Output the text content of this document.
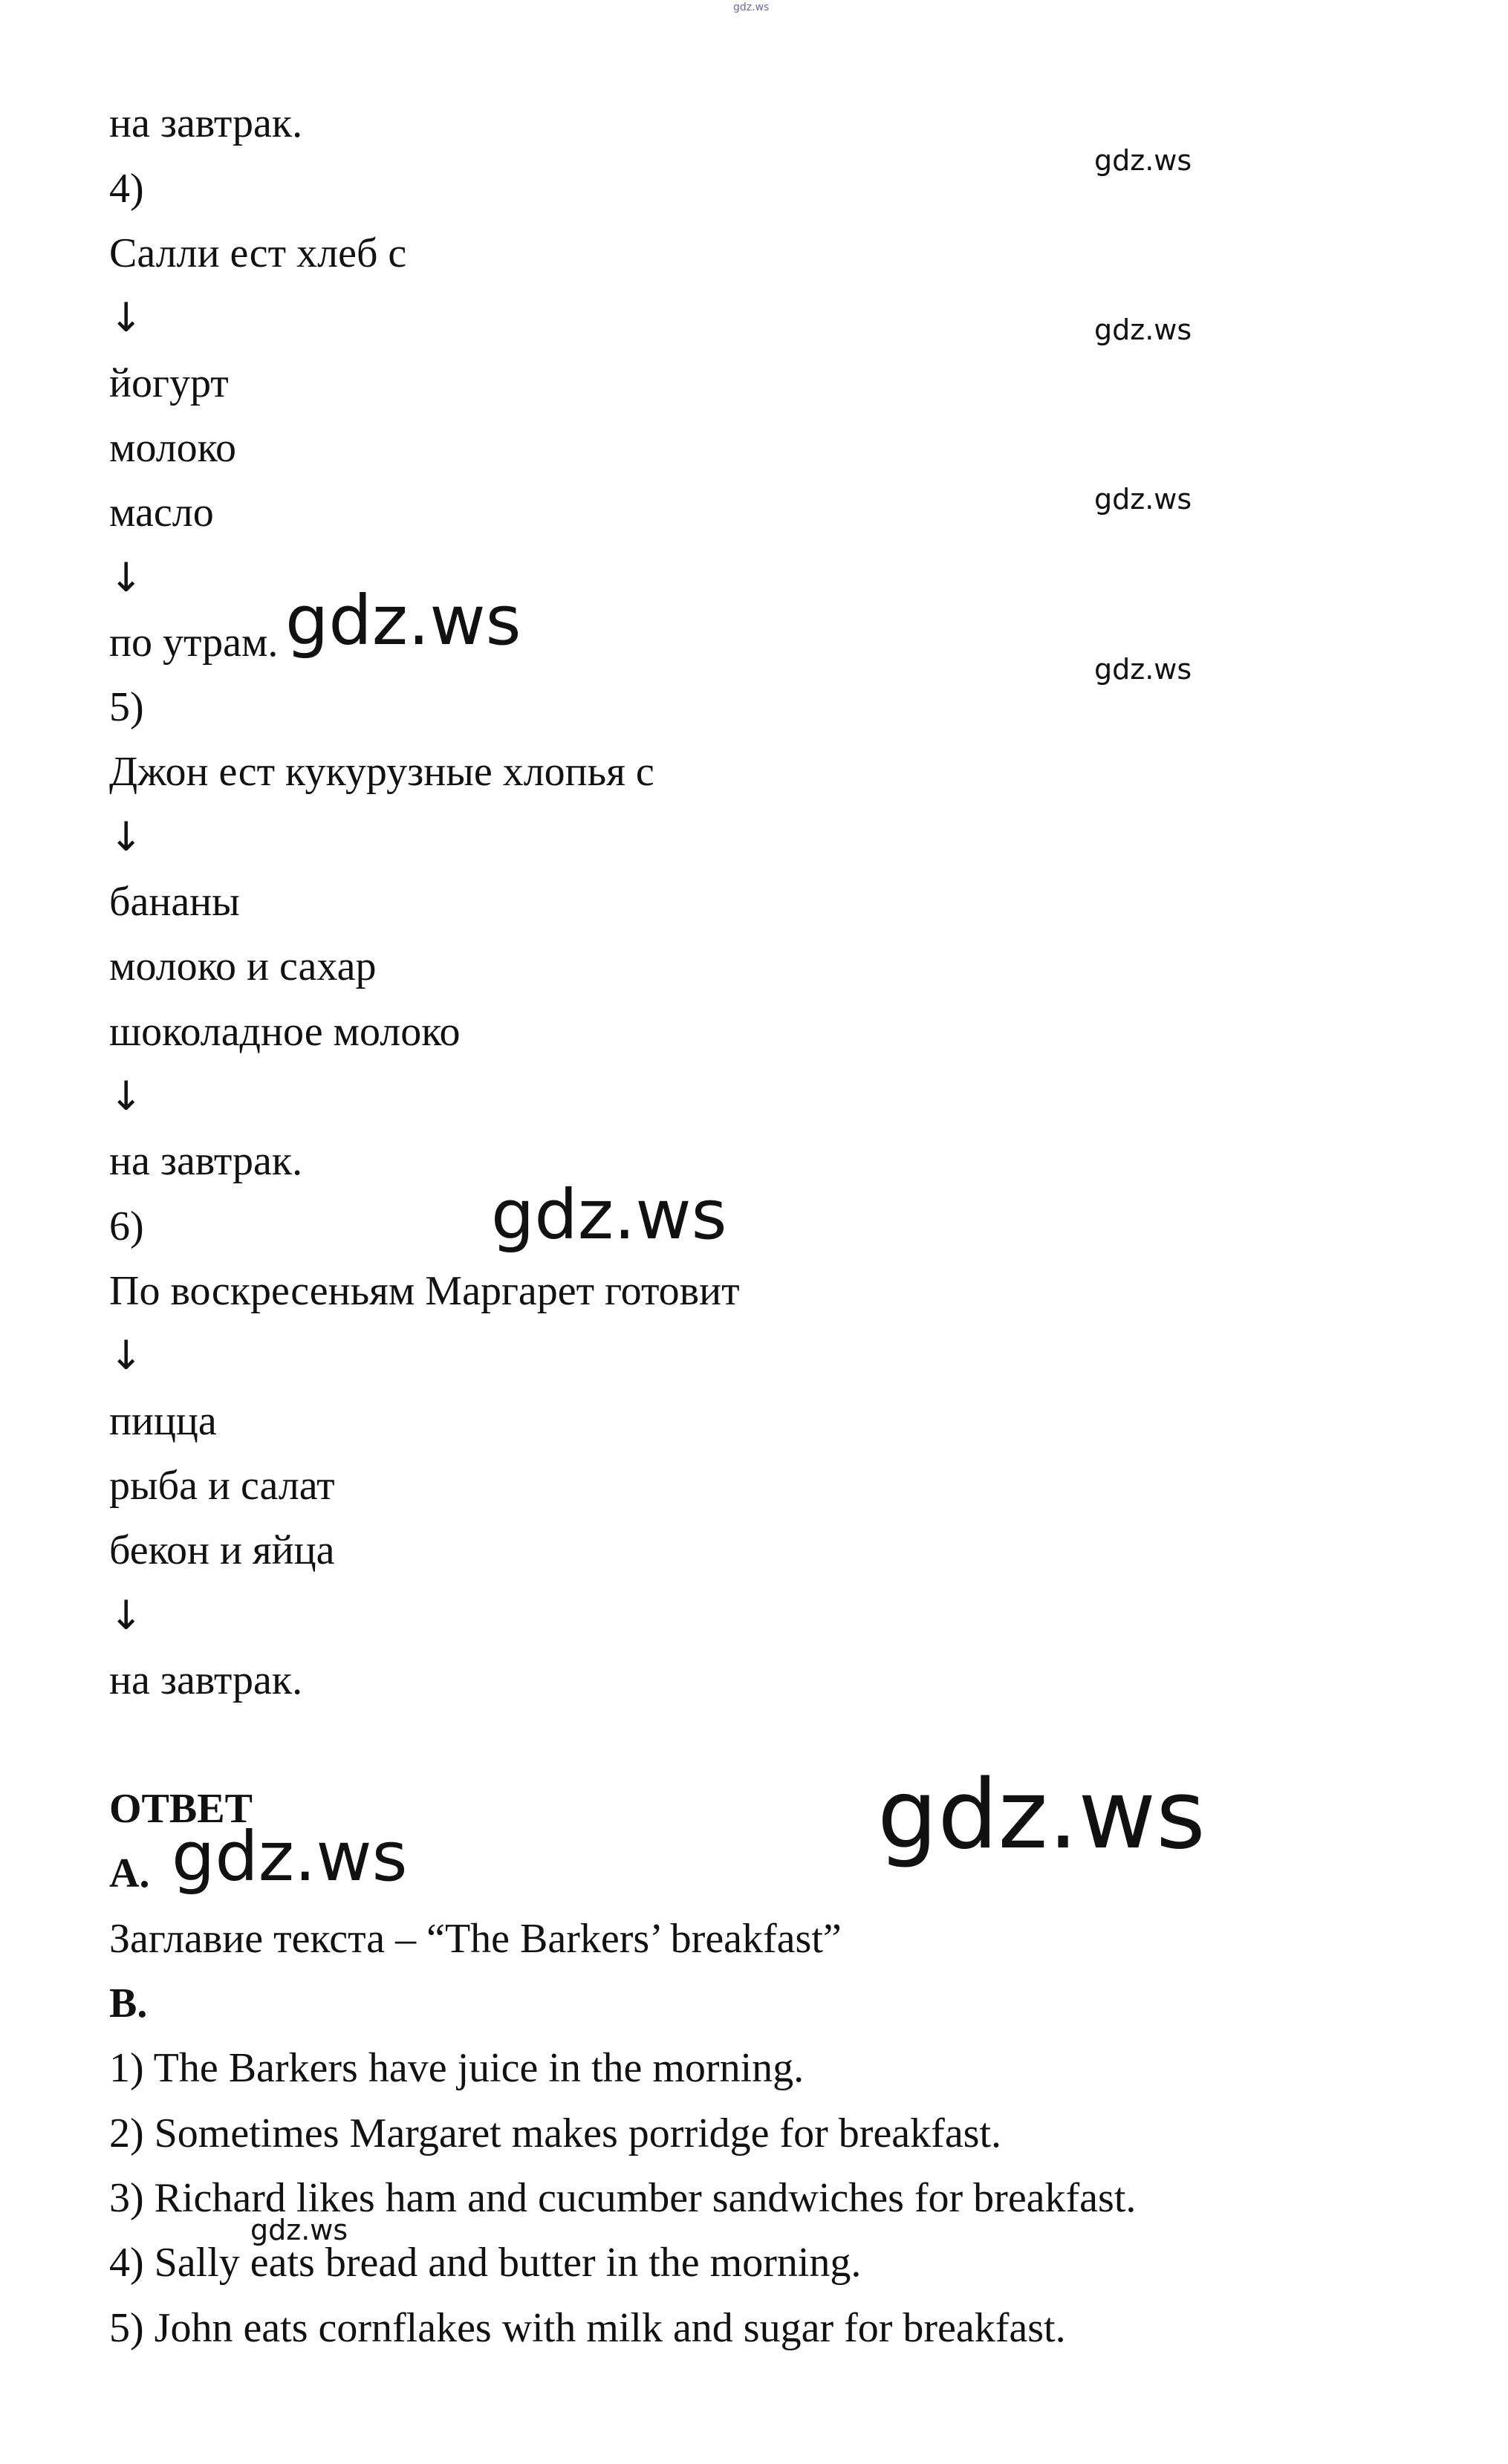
gdz.ws
на завтрак.
4)
Салли ест хлеб с
↓
йогурт
молоко
масло
↓
по утрам.
5)
Джон ест кукурузные хлопья с
↓
бананы
молоко и сахар
шоколадное молоко
↓
на завтрак.
6)
По воскресеньям Маргарет готовит
↓
пицца
рыба и салат
бекон и яйца
↓
на завтрак.
ОТВЕТ
A.
Заглавие текста – “The Barkers’ breakfast”
B.
1) The Barkers have juice in the morning.
2) Sometimes Margaret makes porridge for breakfast.
3) Richard likes ham and cucumber sandwiches for breakfast.
4) Sally eats bread and butter in the morning.
5) John eats cornflakes with milk and sugar for breakfast.
gdz.ws
gdz.ws
gdz.ws
gdz.ws
gdz.ws
gdz.ws
gdz.ws
gdz.ws
gdz.ws
